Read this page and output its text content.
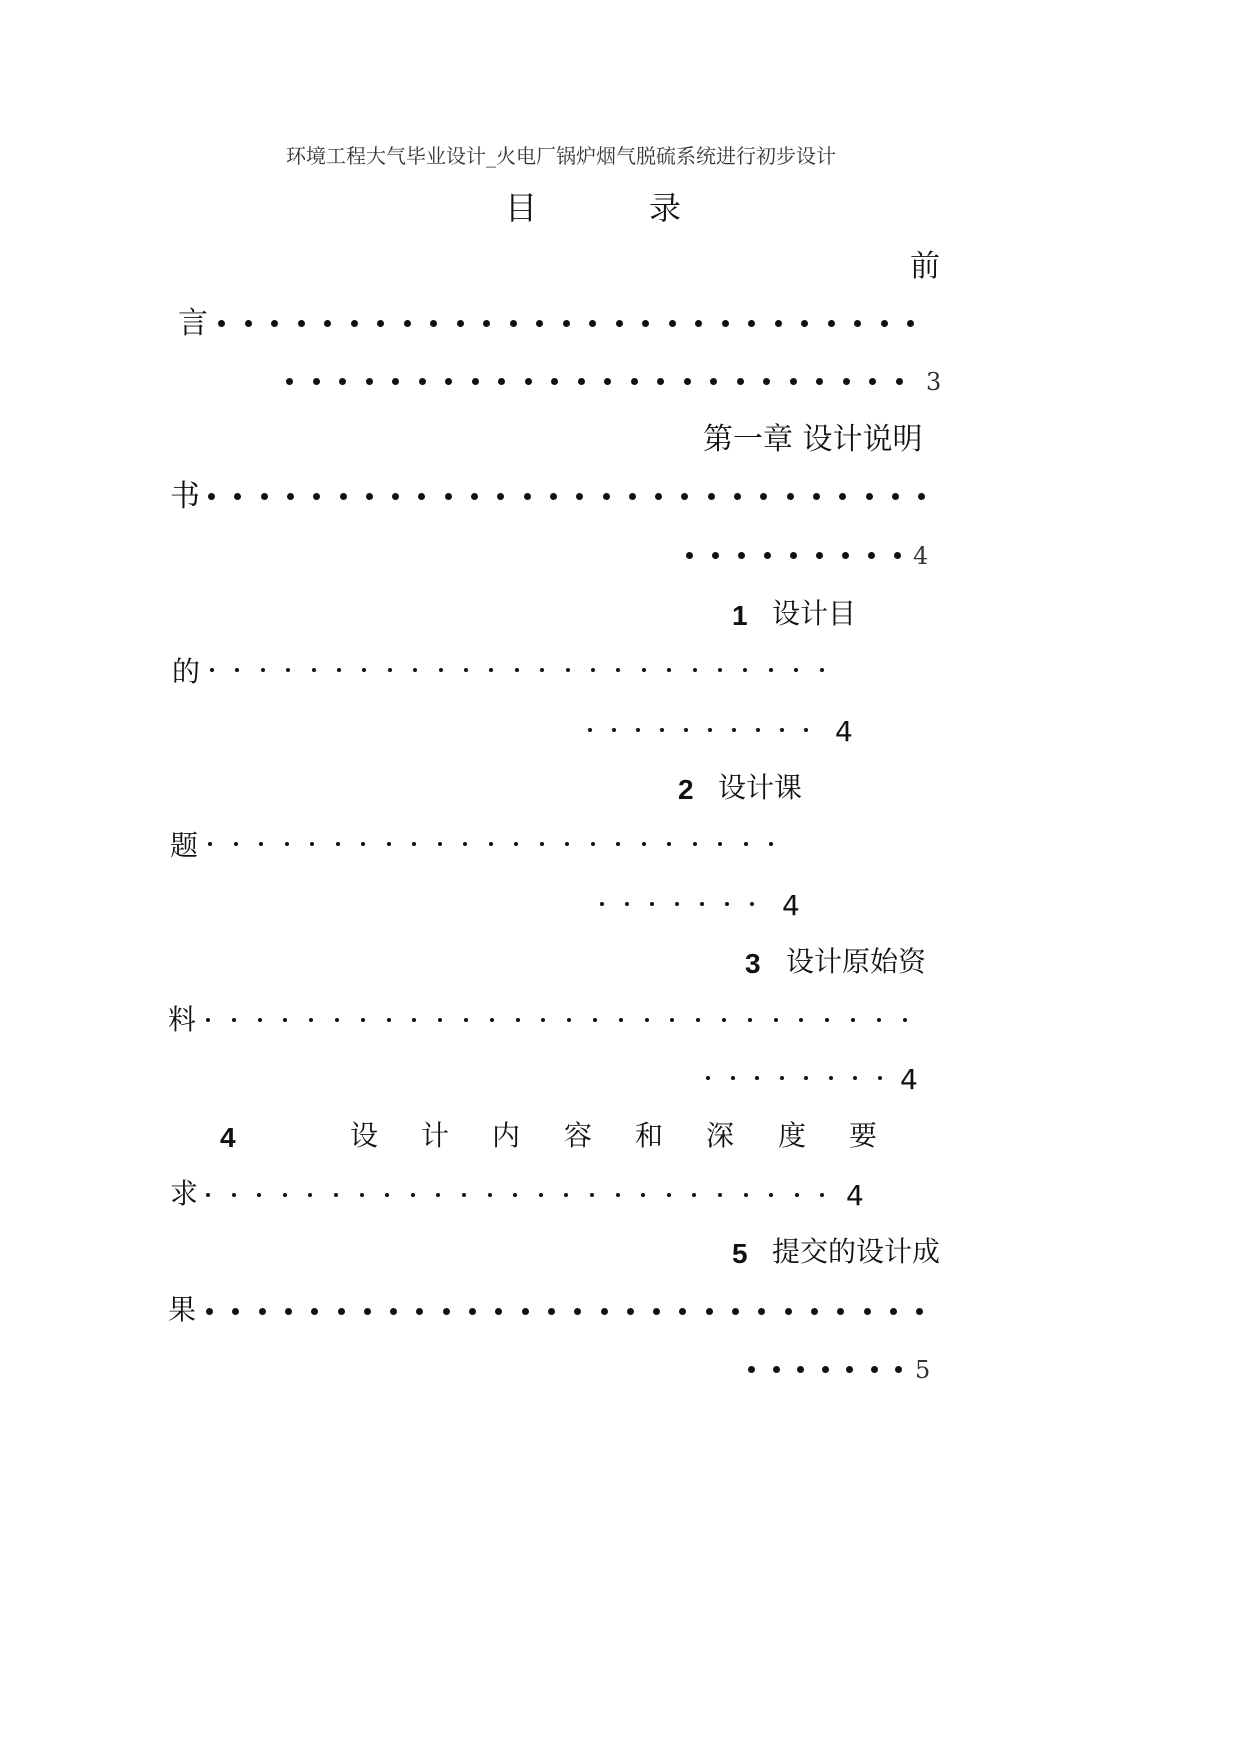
环境工程大气毕业设计_火电厂锅炉烟气脱硫系统进行初步设计
目　录
前
言
3
第一章 设计说明
书
4
1 设计目
的
4
2 设计课
题
4
3 设计原始资
料
4
4	设 计 内 容 和 深 度 要
求	4
5 提交的设计成
果
5
